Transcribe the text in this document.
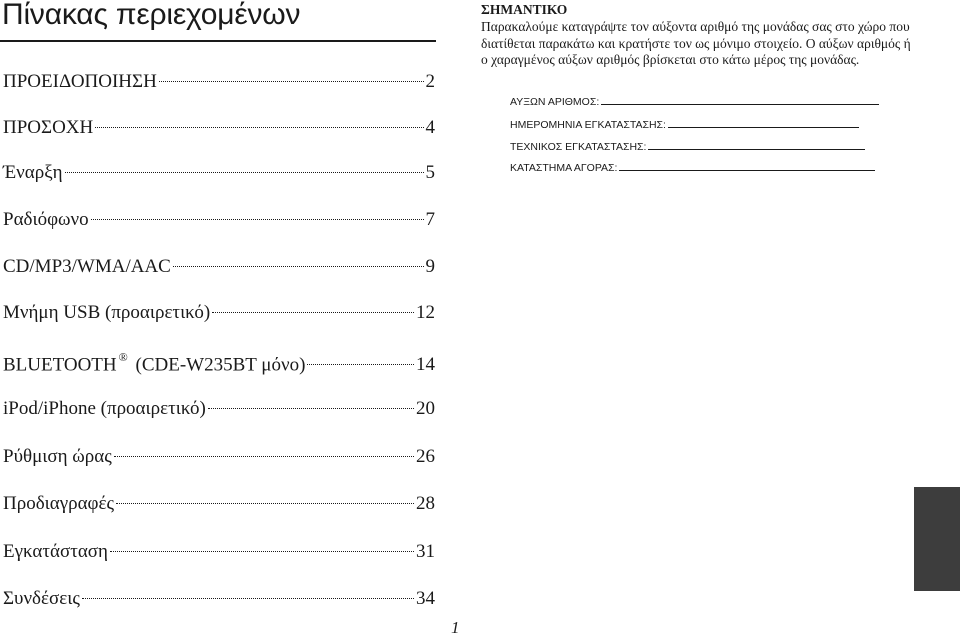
Πίνακας περιεχομένων
ΠΡΟΕΙΔΟΠΟΙΗΣΗ	2
ΠΡΟΣΟΧΗ	4
Έναρξη	5
Ραδιόφωνο	7
CD/MP3/WMA/AAC	9
Μνήμη USB (προαιρετικό)	12
BLUETOOTH ® (CDE-W235BT μόνο)	14
iPod/iPhone (προαιρετικό)	20
Ρύθμιση ώρας	26
Προδιαγραφές	28
Εγκατάσταση	31
Συνδέσεις	34

ΣΗΜΑΝΤΙΚΟ

Παρακαλούμε καταγράψτε τον αύξοντα αριθμό της μονάδας σας στο χώρο που διατίθεται παρακάτω και κρατήστε τον ως μόνιμο στοιχείο. Ο αύξων αριθμός ή ο χαραγμένος αύξων αριθμός βρίσκεται στο κάτω μέρος της μονάδας.

ΑΥΞΩΝ ΑΡΙΘΜΟΣ:
ΗΜΕΡΟΜΗΝΙΑ ΕΓΚΑΤΑΣΤΑΣΗΣ:
ΤΕΧΝΙΚΟΣ ΕΓΚΑΤΑΣΤΑΣΗΣ:
ΚΑΤΑΣΤΗΜΑ ΑΓΟΡΑΣ:
1
